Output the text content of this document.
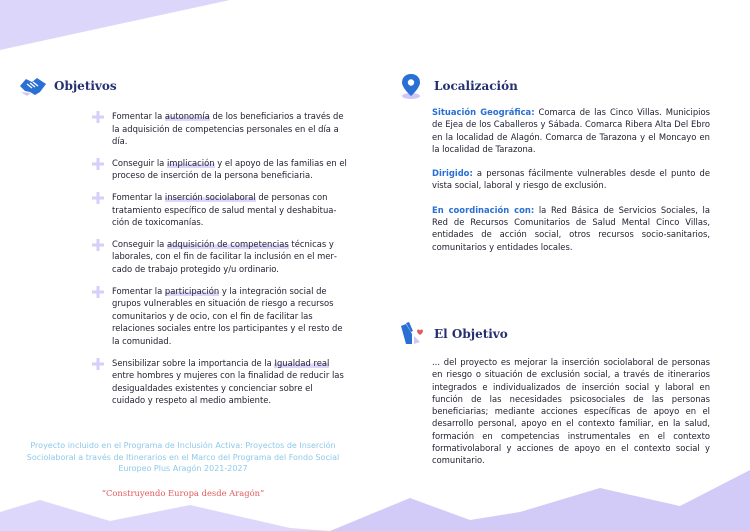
Objetivos
Fomentar la autonomía de los beneficiarios a través de la adquisición de competencias personales en el día a día.
Conseguir la implicación y el apoyo de las familias en el proceso de inserción de la persona beneficiaria.
Fomentar la inserción sociolaboral de personas con tratamiento específico de salud mental y deshabituación de toxicomanías.
Conseguir la adquisición de competencias técnicas y laborales, con el fin de facilitar la inclusión en el mercado de trabajo protegido y/u ordinario.
Fomentar la participación y la integración social de grupos vulnerables en situación de riesgo a recursos comunitarios y de ocio, con el fin de facilitar las relaciones sociales entre los participantes y el resto de la comunidad.
Sensibilizar sobre la importancia de la Igualdad real entre hombres y mujeres con la finalidad de reducir las desigualdades existentes y concienciar sobre el cuidado y respeto al medio ambiente.
Proyecto incluido en el Programa de Inclusión Activa: Proyectos de Inserción Sociolaboral a través de Itinerarios en el Marco del Programa del Fondo Social Europeo Plus Aragón 2021-2027
“Construyendo Europa desde Aragón”
Localización

Situación Geográfica: Comarca de las Cinco Villas. Municipios de Ejea de los Caballeros y Sábada. Comarca Ribera Alta Del Ebro en la localidad de Alagón. Comarca de Tarazona y el Moncayo en la localidad de Tarazona.

Dirigido: a personas fácilmente vulnerables desde el punto de vista social, laboral y riesgo de exclusión.

En coordinación con: la Red Básica de Servicios Sociales, la Red de Recursos Comunitarios de Salud Mental Cinco Villas, entidades de acción social, otros recursos socio-sanitarios, comunitarios y entidades locales.

El Objetivo
... del proyecto es mejorar la inserción sociolaboral de personas en riesgo o situación de exclusión social, a través de itinerarios integrados e individualizados de inserción social y laboral en función de las necesidades psicosociales de las personas beneficiarias; mediante acciones específicas de apoyo en el desarrollo personal, apoyo en el contexto familiar, en la salud, formación en competencias instrumentales en el contexto formativolaboral y acciones de apoyo en el contexto social y comunitario.
